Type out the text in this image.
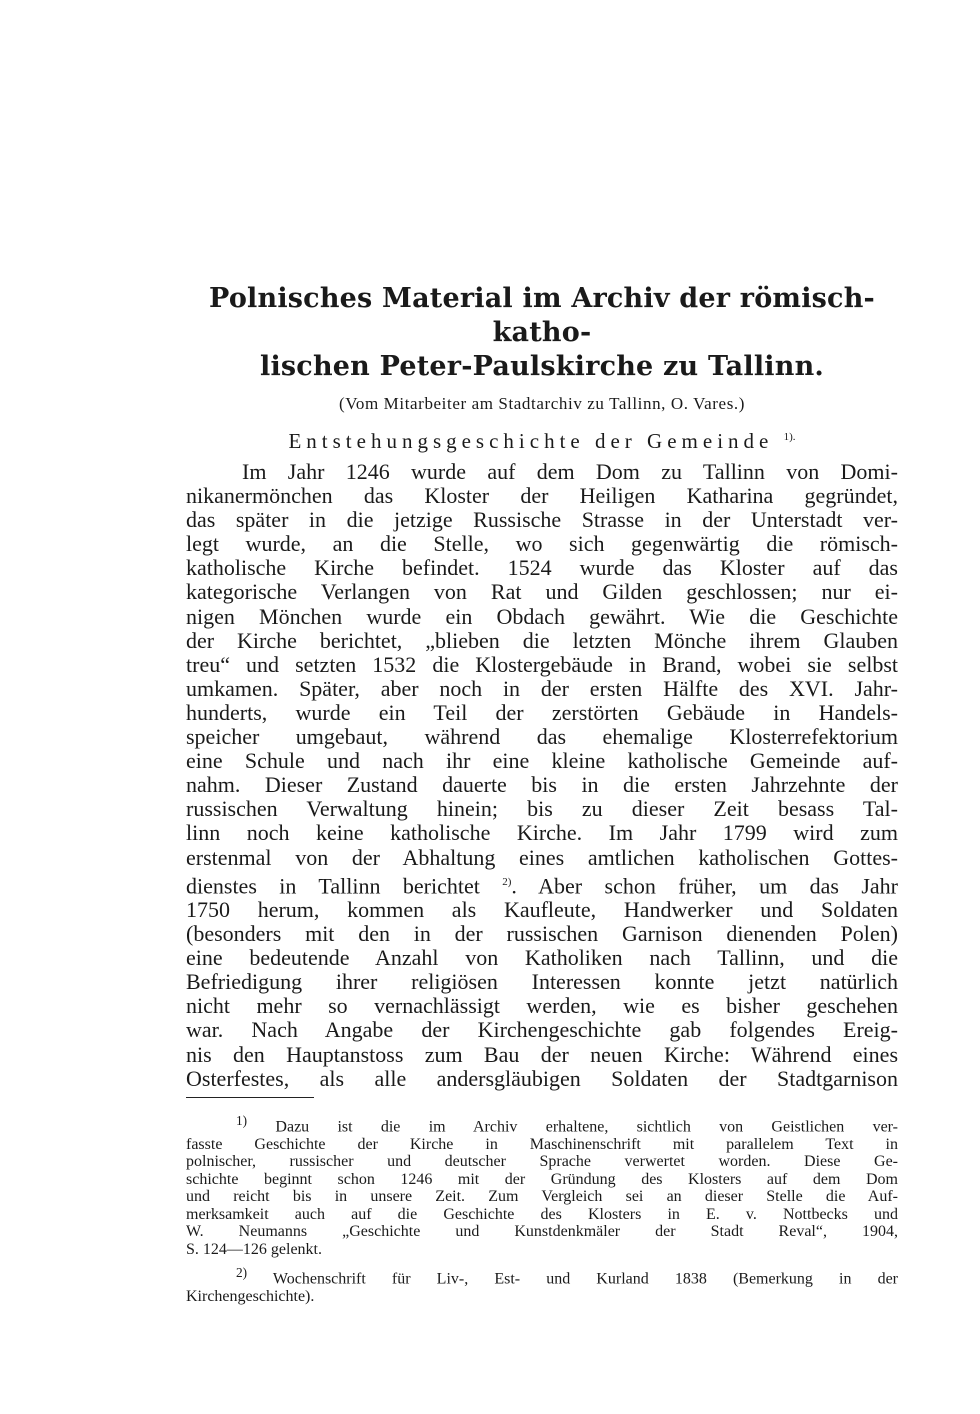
Polnisches Material im Archiv der römisch-katho-
lischen Peter-Paulskirche zu Tallinn.
(Vom Mitarbeiter am Stadtarchiv zu Tallinn, O. Vares.)
Entstehungsgeschichte der Gemeinde $^{1).}$
Im Jahr 1246 wurde auf dem Dom zu Tallinn von Domi-
nikanermönchen das Kloster der Heiligen Katharina gegründet,
das später in die jetzige Russische Strasse in der Unterstadt ver-
legt wurde, an die Stelle, wo sich gegenwärtig die römisch-
katholische Kirche befindet. 1524 wurde das Kloster auf das
kategorische Verlangen von Rat und Gilden geschlossen; nur ei-
nigen Mönchen wurde ein Obdach gewährt. Wie die Geschichte
der Kirche berichtet, „blieben die letzten Mönche ihrem Glauben
treu“ und setzten 1532 die Klostergebäude in Brand, wobei sie selbst
umkamen. Später, aber noch in der ersten Hälfte des XVI. Jahr-
hunderts, wurde ein Teil der zerstörten Gebäude in Handels-
speicher umgebaut, während das ehemalige Klosterrefektorium
eine Schule und nach ihr eine kleine katholische Gemeinde auf-
nahm. Dieser Zustand dauerte bis in die ersten Jahrzehnte der
russischen Verwaltung hinein; bis zu dieser Zeit besass Tal-
linn noch keine katholische Kirche. Im Jahr 1799 wird zum
erstenmal von der Abhaltung eines amtlichen katholischen Gottes-
dienstes in Tallinn berichtet $^{2)}$. Aber schon früher, um das Jahr
1750 herum, kommen als Kaufleute, Handwerker und Soldaten
(besonders mit den in der russischen Garnison dienenden Polen)
eine bedeutende Anzahl von Katholiken nach Tallinn, und die
Befriedigung ihrer religiösen Interessen konnte jetzt natürlich
nicht mehr so vernachlässigt werden, wie es bisher geschehen
war. Nach Angabe der Kirchengeschichte gab folgendes Ereig-
nis den Hauptanstoss zum Bau der neuen Kirche: Während eines
Osterfestes, als alle andersgläubigen Soldaten der Stadtgarnison
$^{1)}$ Dazu ist die im Archiv erhaltene, sichtlich von Geistlichen ver-
fasste Geschichte der Kirche in Maschinenschrift mit parallelem Text in
polnischer, russischer und deutscher Sprache verwertet worden. Diese Ge-
schichte beginnt schon 1246 mit der Gründung des Klosters auf dem Dom
und reicht bis in unsere Zeit. Zum Vergleich sei an dieser Stelle die Auf-
merksamkeit auch auf die Geschichte des Klosters in E. v. Nottbecks und
W. Neumanns „Geschichte und Kunstdenkmäler der Stadt Reval“, 1904,
S. 124—126 gelenkt.
$^{2)}$ Wochenschrift für Liv-, Est- und Kurland 1838 (Bemerkung in der
Kirchengeschichte).
